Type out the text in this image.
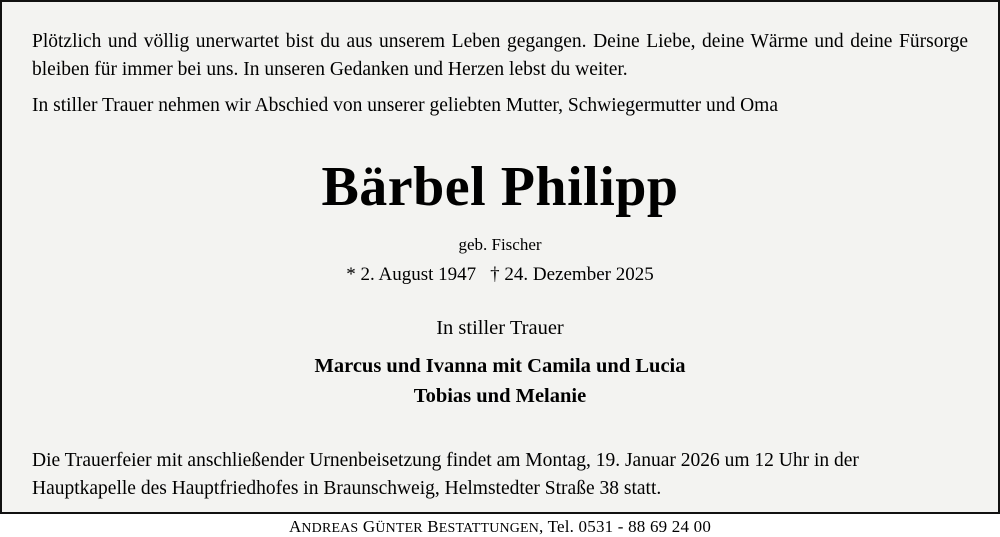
Plötzlich und völlig unerwartet bist du aus unserem Leben gegangen. Deine Liebe, deine Wärme und deine Fürsorge bleiben für immer bei uns. In unseren Gedanken und Herzen lebst du weiter.

In stiller Trauer nehmen wir Abschied von unserer geliebten Mutter, Schwiegermutter und Oma

Bärbel Philipp

geb. Fischer

* 2. August 1947 † 24. Dezember 2025

In stiller Trauer

Marcus und Ivanna mit Camila und Lucia
Tobias und Melanie

Die Trauerfeier mit anschließender Urnenbeisetzung findet am Montag, 19. Januar 2026 um 12 Uhr in der

Hauptkapelle des Hauptfriedhofes in Braunschweig, Helmstedter Straße 38 statt.

ANDREAS GÜNTER BESTATTUNGEN, Tel. 0531 - 88 69 24 00
